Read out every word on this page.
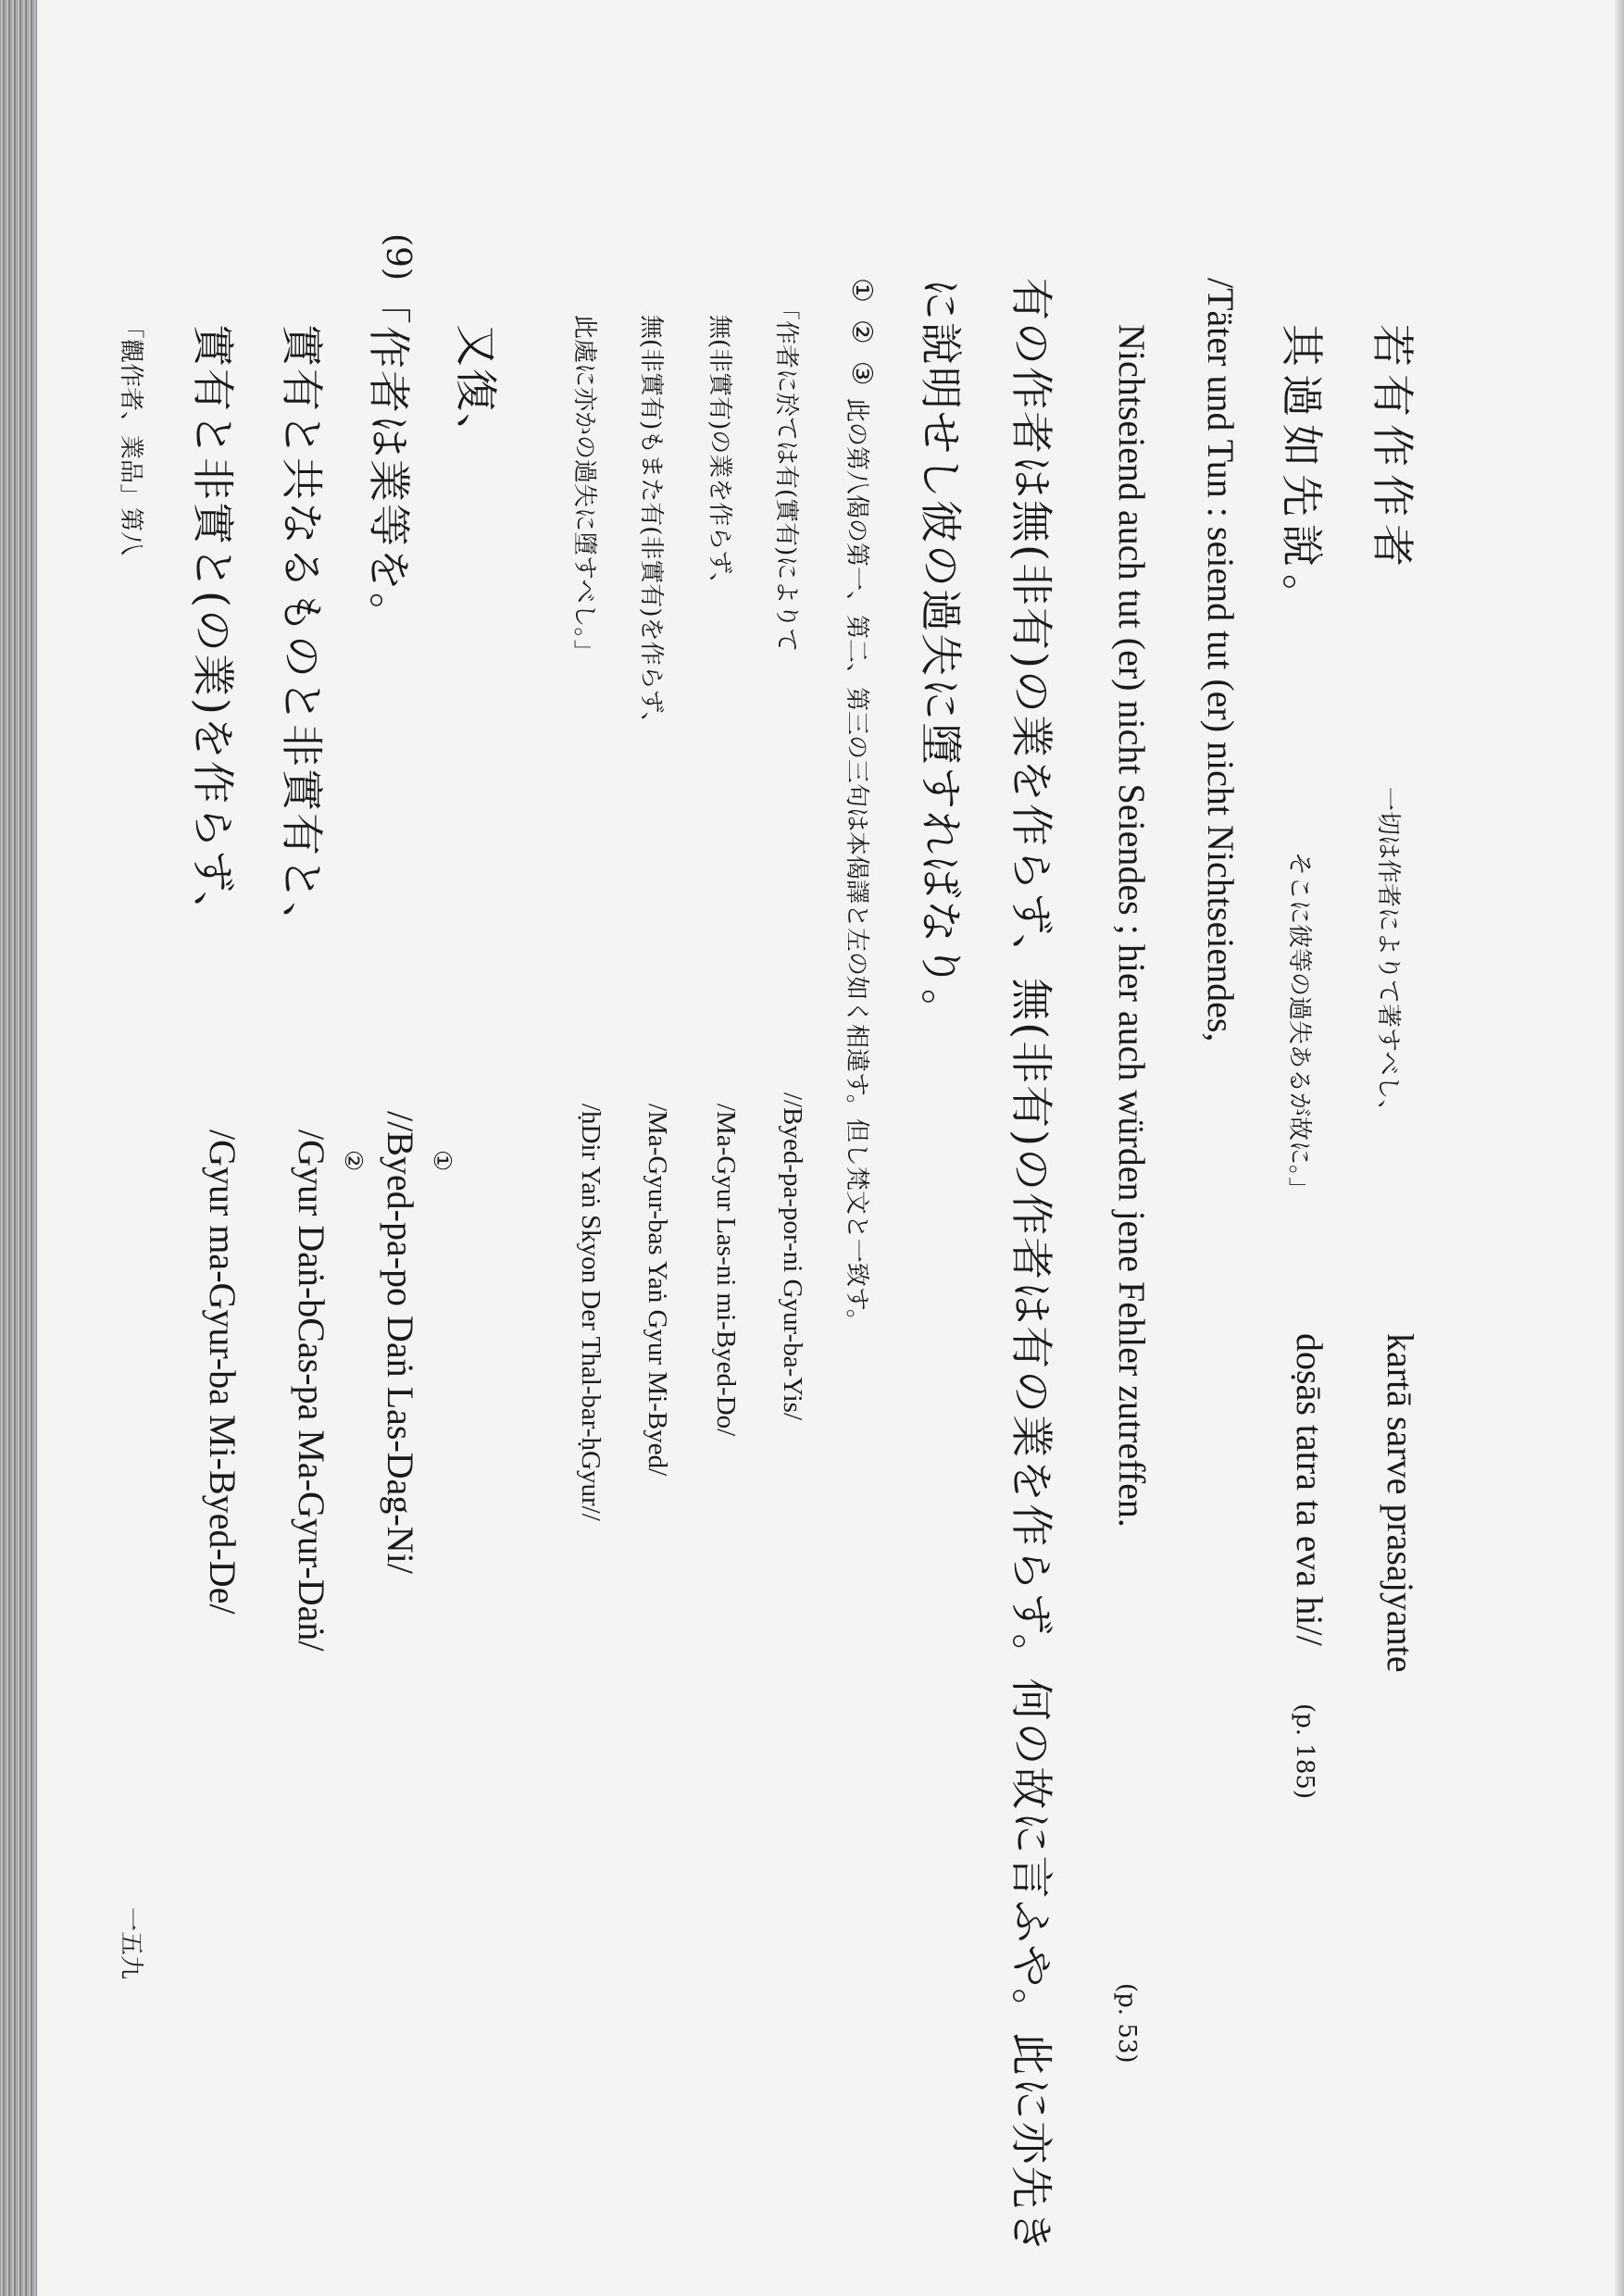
若有作作者
一切は作者によりて著すべし、
kartā sarve prasajyante
其過如先說。
そこに彼等の過失あるが故に。」
doṣās tatra ta eva hi//
(p. 185)
/Täter und Tun : seiend tut (er) nicht Nichtseiendes,
Nichtseiend auch tut (er) nicht Seiendes ; hier auch würden jene Fehler zutreffen.
(p. 53)
有の作者は無(非有)の業を作らず、無(非有)の作者は有の業を作らず。何の故に言ふや。此に亦先き
に說明せし彼の過失に墮すればなり。
①②③
此の第八偈の第一、第二、第三の三句は本偈譯と左の如く相違す。但し梵文と一致す。
「作者に於ては有(實有)によりて
//Byed-pa-por-ni Gyur-ba-Yis/
無(非實有)の業を作らず、
/Ma-Gyur Las-ni mi-Byed-Do/
無(非實有)もまた有(非實有)を作らず、
/Ma-Gyur-bas Yaṅ Gyur Mi-Byed/
此處に亦かの過失に墮すべし。」
/ḥDir Yaṅ Skyon Der Thal-bar-ḥGyur//
又復、
(9)
「作者は業等を。
①
//Byed-pa-po Daṅ Las-Dag-Ni/
實有と共なるものと非實有と、
②
/Gyur Daṅ-bCas-pa Ma-Gyur-Daṅ/
實有と非實と(の業)を作らず、
/Gyur ma-Gyur-ba Mi-Byed-De/
「觀作者、業品」第八
一五九
